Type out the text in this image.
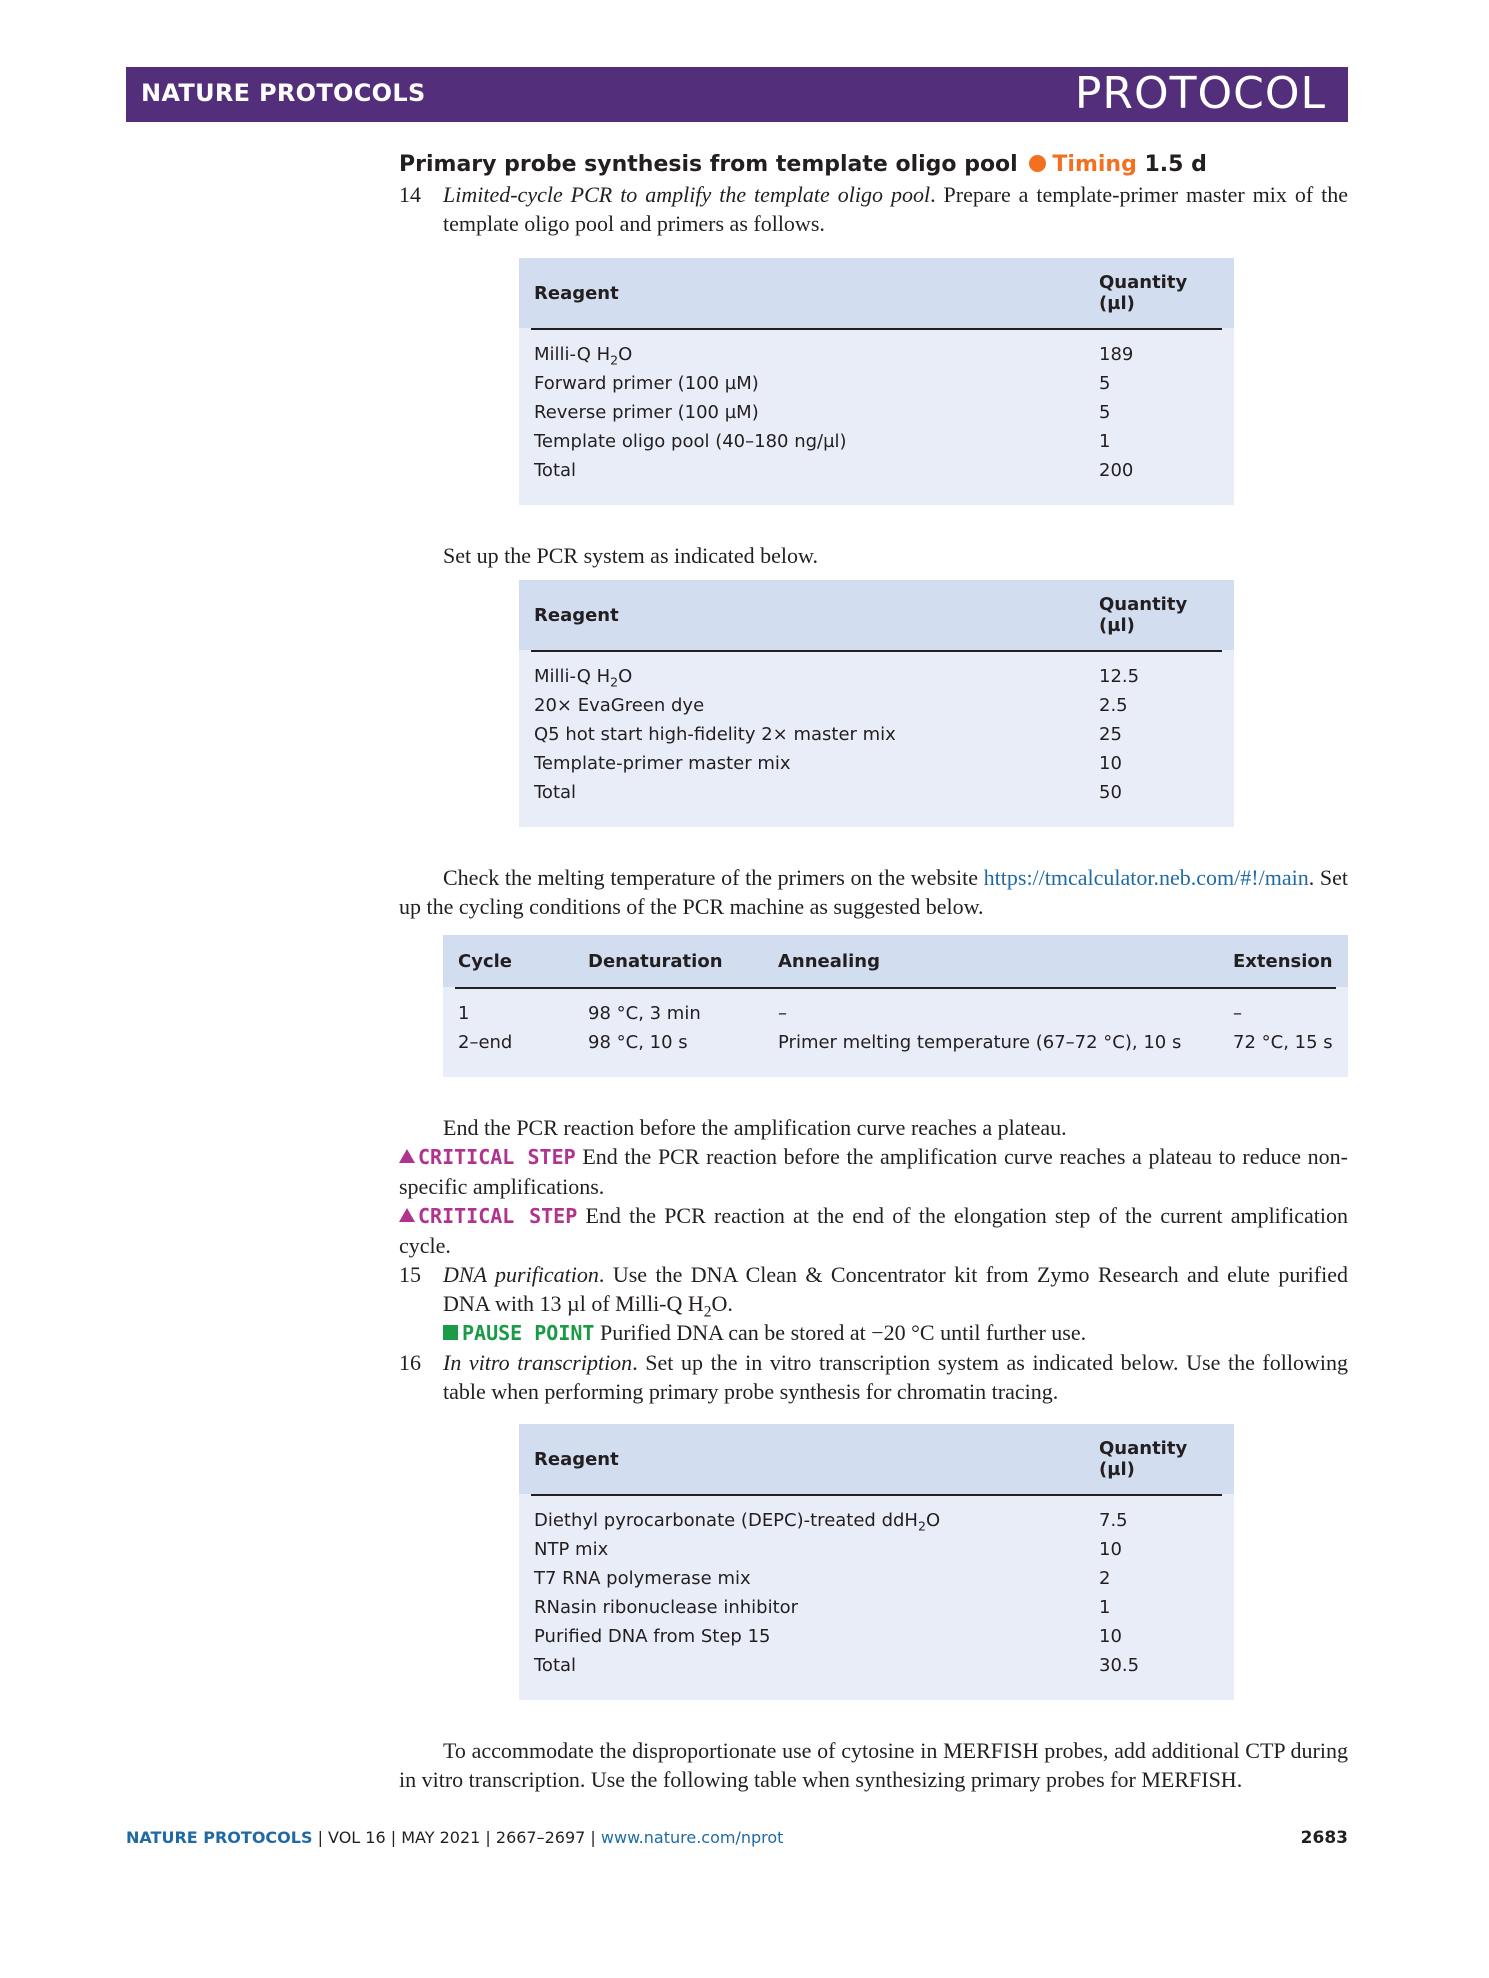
NATURE PROTOCOLS	PROTOCOL
Primary probe synthesis from template oligo pool Timing 1.5 d
14 Limited-cycle PCR to amplify the template oligo pool. Prepare a template-primer master mix of the template oligo pool and primers as follows.
Reagent	Quantity (µl)

Milli-Q $H_2O$	189
Forward primer (100 µM)	5
Reverse primer (100 µM)	5
Template oligo pool (40–180 ng/µl)	1
Total	200
Set up the PCR system as indicated below.
Reagent	Quantity (µl)

Milli-Q $H_2O$	12.5
20× EvaGreen dye	2.5
Q5 hot start high-fidelity 2× master mix	25
Template-primer master mix	10
Total	50
Check the melting temperature of the primers on the website https://tmcalculator.neb.com/#!/main. Set up the cycling conditions of the PCR machine as suggested below.
Cycle	Denaturation	Annealing	Extension

1	98 °C, 3 min	–	–
2–end	98 °C, 10 s	Primer melting temperature (67–72 °C), 10 s	72 °C, 15 s
End the PCR reaction before the amplification curve reaches a plateau.
CRITICAL STEP End the PCR reaction before the amplification curve reaches a plateau to reduce non-specific amplifications.
CRITICAL STEP End the PCR reaction at the end of the elongation step of the current amplification cycle.
15 DNA purification. Use the DNA Clean & Concentrator kit from Zymo Research and elute purified DNA with 13 µl of Milli-Q $H_2O$.
PAUSE POINT Purified DNA can be stored at −20 °C until further use.
16 In vitro transcription. Set up the in vitro transcription system as indicated below. Use the following table when performing primary probe synthesis for chromatin tracing.
Reagent	Quantity (µl)

Diethyl pyrocarbonate (DEPC)-treated ddH$_2$O	7.5
NTP mix	10
T7 RNA polymerase mix	2
RNasin ribonuclease inhibitor	1
Purified DNA from Step 15	10
Total	30.5
To accommodate the disproportionate use of cytosine in MERFISH probes, add additional CTP during in vitro transcription. Use the following table when synthesizing primary probes for MERFISH.
NATURE PROTOCOLS | VOL 16 | MAY 2021 | 2667–2697 | www.nature.com/nprot	2683
